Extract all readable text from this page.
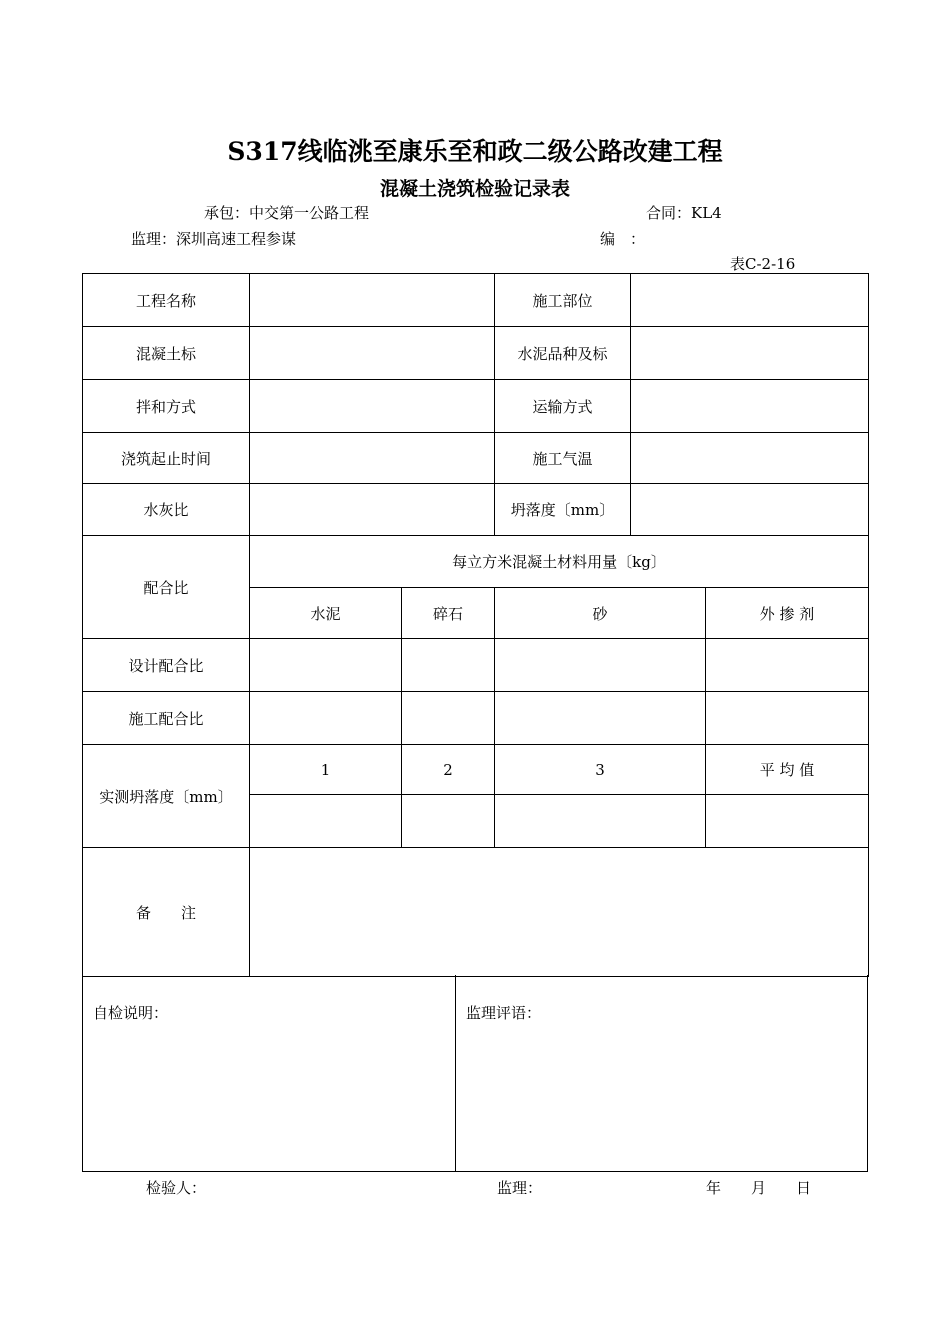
S317线临洮至康乐至和政二级公路改建工程
混凝土浇筑检验记录表
承包：中交第一公路工程	合同：KL4
监理：深圳高速工程参谋	编　：
表C-2-16
工程名称			施工部位		
混凝土标			水泥品种及标		
拌和方式			运输方式		
浇筑起止时间			施工气温		
水灰比			坍落度〔mm〕		
配合比	每立方米混凝土材料用量〔kg〕				
	水泥	碎石	砂		外 掺 剂
设计配合比					
施工配合比					
实测坍落度〔mm〕	1	2	3		平 均 值

备　　注					
自检说明：	监理评语：
检验人：	监理：	年　　月　　日
